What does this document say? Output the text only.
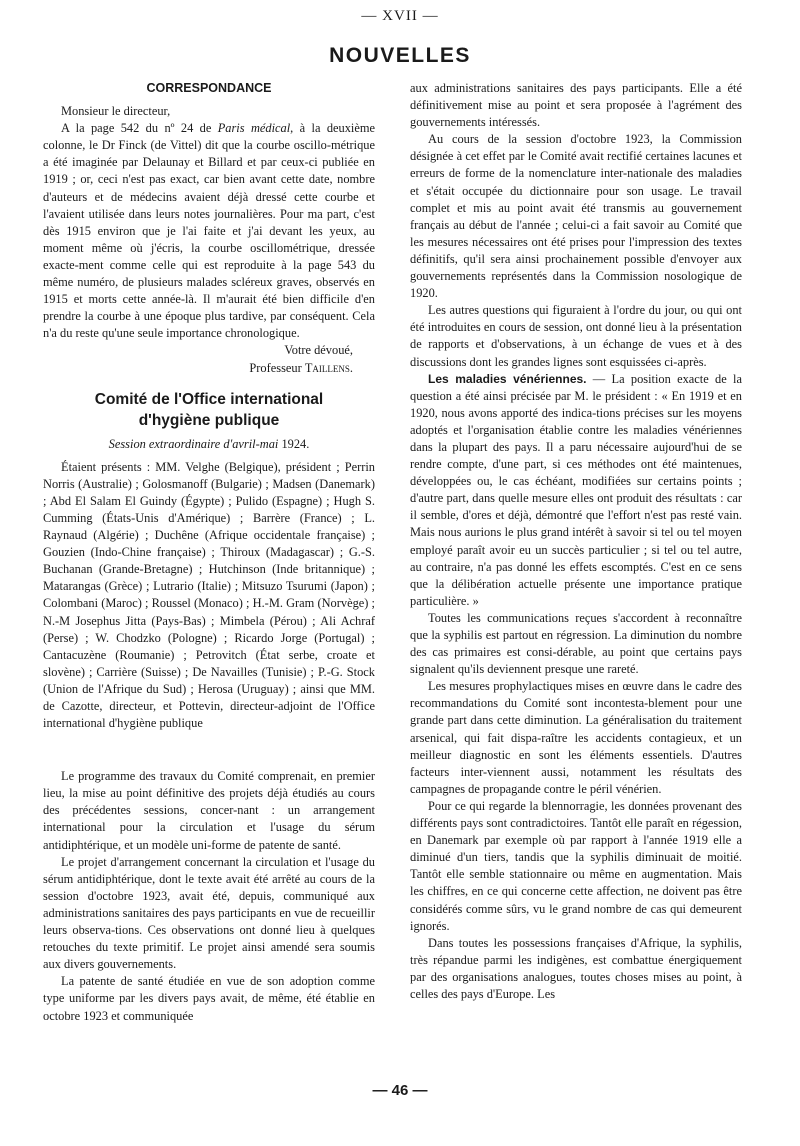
— XVII —
NOUVELLES
CORRESPONDANCE

Monsieur le directeur,

A la page 542 du nº 24 de Paris médical, à la deuxième colonne, le Dr Finck (de Vittel) dit que la courbe oscillo-métrique a été imaginée par Delaunay et Billard et par ceux-ci publiée en 1919 ; or, ceci n'est pas exact, car bien avant cette date, nombre d'auteurs et de médecins avaient déjà dressé cette courbe et l'avaient utilisée dans leurs notes journalières. Pour ma part, c'est dès 1915 environ que je l'ai faite et j'ai devant les yeux, au moment même où j'écris, la courbe oscillométrique, dressée exacte-ment comme celle qui est reproduite à la page 543 du même numéro, de plusieurs malades scléreux graves, observés en 1915 et morts cette année-là. Il m'aurait été bien difficile d'en prendre la courbe à une époque plus tardive, par conséquent. Cela n'a du reste qu'une seule importance chronologique.

Votre dévoué,
Professeur Taillens.
Comité de l'Office international
d'hygiène publique
Session extraordinaire d'avril-mai 1924.

Étaient présents : MM. Velghe (Belgique), président ; Perrin Norris (Australie) ; Golosmanoff (Bulgarie) ; Madsen (Danemark) ; Abd El Salam El Guindy (Égypte) ; Pulido (Espagne) ; Hugh S. Cumming (États-Unis d'Amérique) ; Barrère (France) ; L. Raynaud (Algérie) ; Duchêne (Afrique occidentale française) ; Gouzien (Indo-Chine française) ; Thiroux (Madagascar) ; G.-S. Buchanan (Grande-Bretagne) ; Hutchinson (Inde britannique) ; Matarangas (Grèce) ; Lutrario (Italie) ; Mitsuzo Tsurumi (Japon) ; Colombani (Maroc) ; Roussel (Monaco) ; H.-M. Gram (Norvège) ; N.-M Josephus Jitta (Pays-Bas) ; Mimbela (Pérou) ; Ali Achraf (Perse) ; W. Chodzko (Pologne) ; Ricardo Jorge (Portugal) ; Cantacuzène (Roumanie) ; Petrovitch (État serbe, croate et slovène) ; Carrière (Suisse) ; De Navailles (Tunisie) ; P.-G. Stock (Union de l'Afrique du Sud) ; Herosa (Uruguay) ; ainsi que MM. de Cazotte, directeur, et Pottevin, directeur-adjoint de l'Office international d'hygiène publique

Le programme des travaux du Comité comprenait, en premier lieu, la mise au point définitive des projets déjà étudiés au cours des précédentes sessions, concer-nant : un arrangement international pour la circulation et l'usage du sérum antidiphtérique, et un modèle uni-forme de patente de santé.

Le projet d'arrangement concernant la circulation et l'usage du sérum antidiphtérique, dont le texte avait été arrêté au cours de la session d'octobre 1923, avait été, depuis, communiqué aux administrations sanitaires des pays participants en vue de recueillir leurs observa-tions. Ces observations ont donné lieu à quelques retouches du texte primitif. Le projet ainsi amendé sera soumis aux divers gouvernements.

La patente de santé étudiée en vue de son adoption comme type uniforme par les divers pays avait, de même, été établie en octobre 1923 et communiquée

aux administrations sanitaires des pays participants. Elle a été définitivement mise au point et sera proposée à l'agrément des gouvernements intéressés.

Au cours de la session d'octobre 1923, la Commission désignée à cet effet par le Comité avait rectifié certaines lacunes et erreurs de forme de la nomenclature inter-nationale des maladies et s'était occupée du dictionnaire pour son usage. Le travail complet et mis au point avait été transmis au gouvernement français au début de l'année ; celui-ci a fait savoir au Comité que les mesures nécessaires ont été prises pour l'impression des textes définitifs, qu'il sera ainsi prochainement possible d'envoyer aux gouvernements représentés dans la Commission nosologique de 1920.

Les autres questions qui figuraient à l'ordre du jour, ou qui ont été introduites en cours de session, ont donné lieu à la présentation de rapports et d'observations, à un échange de vues et à des discussions dont les grandes lignes sont esquissées ci-après.

Les maladies vénériennes. — La position exacte de la question a été ainsi précisée par M. le président : « En 1919 et en 1920, nous avons apporté des indica-tions précises sur les moyens adoptés et l'organisation établie contre les maladies vénériennes dans la plupart des pays. Il a paru nécessaire aujourd'hui de se rendre compte, d'une part, si ces méthodes ont été maintenues, développées ou, le cas échéant, modifiées sur certains points ; d'autre part, dans quelle mesure elles ont produit des résultats : car il semble, d'ores et déjà, démontré que l'effort n'est pas resté vain. Mais nous aurions le plus grand intérêt à savoir si tel ou tel moyen employé paraît avoir eu un succès particulier ; si tel ou tel autre, au contraire, n'a pas donné les effets escomptés. C'est en ce sens que la délibération actuelle présente une importance pratique particulière. »

Toutes les communications reçues s'accordent à reconnaître que la syphilis est partout en régression. La diminution du nombre des cas primaires est consi-dérable, au point que certains pays signalent qu'ils deviennent presque une rareté.

Les mesures prophylactiques mises en œuvre dans le cadre des recommandations du Comité sont incontesta-blement pour une grande part dans cette diminution. La généralisation du traitement arsenical, qui fait dispa-raître les accidents contagieux, et un meilleur diagnostic en sont les éléments essentiels. D'autres facteurs inter-viennent aussi, notamment les résultats des campagnes de propagande contre le péril vénérien.

Pour ce qui regarde la blennorragie, les données provenant des différents pays sont contradictoires. Tantôt elle paraît en régession, en Danemark par exemple où par rapport à l'année 1919 elle a diminué d'un tiers, tandis que la syphilis diminuait de moitié. Tantôt elle semble stationnaire ou même en augmentation. Mais les chiffres, en ce qui concerne cette affection, ne doivent pas être considérés comme sûrs, vu le grand nombre de cas qui demeurent ignorés.

Dans toutes les possessions françaises d'Afrique, la syphilis, très répandue parmi les indigènes, est combattue énergiquement par des organisations analogues, toutes choses mises au point, à celles des pays d'Europe. Les

— 46 —
